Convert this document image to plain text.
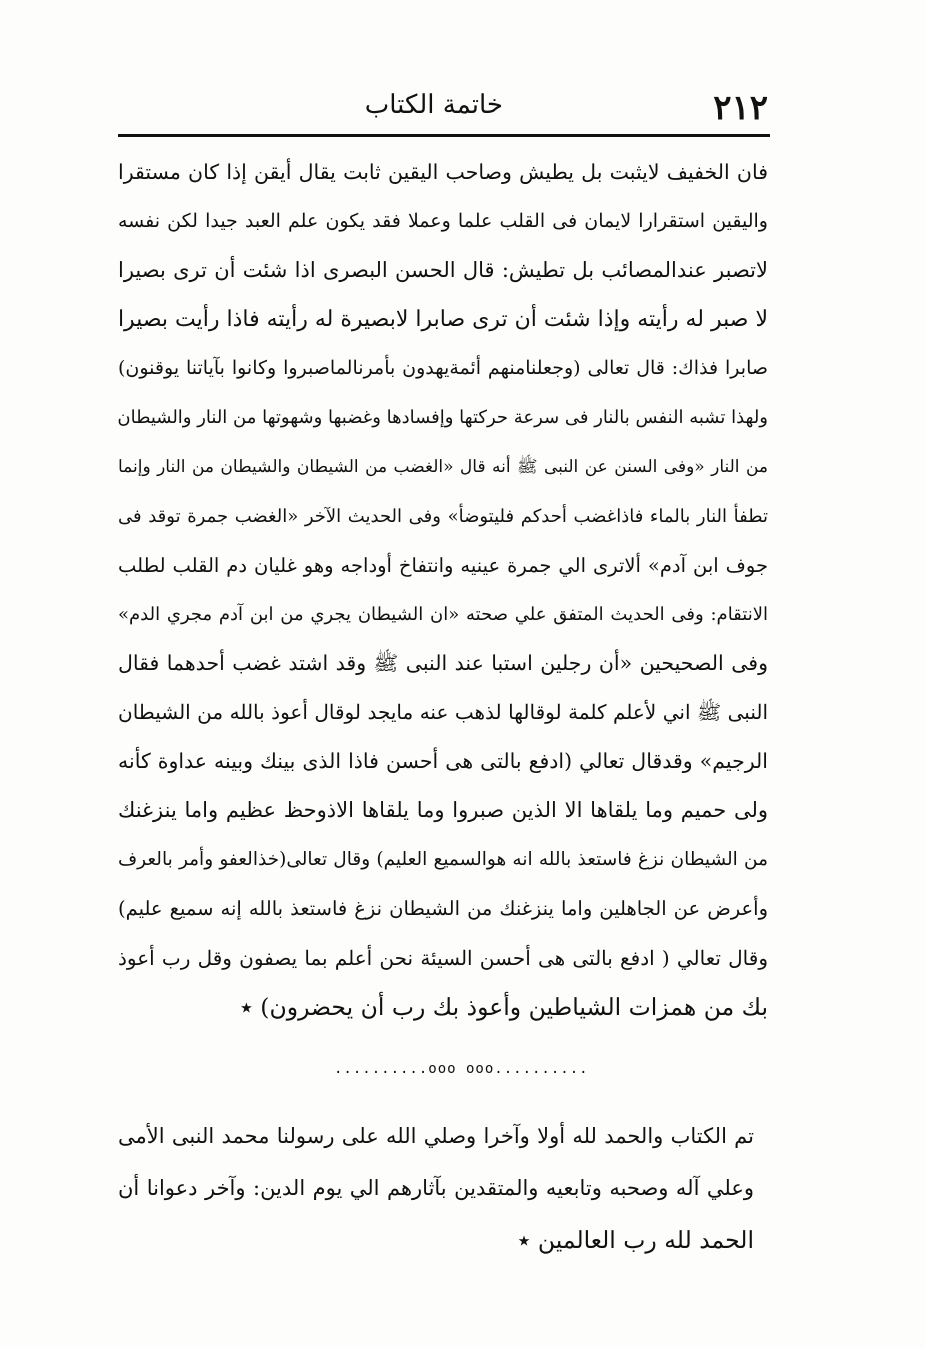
٢١٢
خاتمة الكتاب
فان الخفيف لايثبت بل يطيش وصاحب اليقين ثابت يقال أيقن إذا كان مستقرا
واليقين استقرارا لايمان فى القلب علما وعملا فقد يكون علم العبد جيدا لكن نفسه
لاتصبر عندالمصائب بل تطيش: قال الحسن البصرى اذا شئت أن ترى بصيرا
لا صبر له رأيته وإذا شئت أن ترى صابرا لابصيرة له رأيته فاذا رأيت بصيرا
صابرا فذاك: قال تعالى (وجعلنامنهم أئمةيهدون بأمرنالماصبروا وكانوا بآياتنا يوقنون)
ولهذا تشبه النفس بالنار فى سرعة حركتها وإفسادها وغضبها وشهوتها من النار والشيطان
من النار «وفى السنن عن النبى ﷺ أنه قال «الغضب من الشيطان والشيطان من النار وإنما
تطفأ النار بالماء فاذاغضب أحدكم فليتوضأ» وفى الحديث الآخر «الغضب جمرة توقد فى
جوف ابن آدم» ألاترى الي جمرة عينيه وانتفاخ أوداجه وهو غليان دم القلب لطلب
الانتقام: وفى الحديث المتفق علي صحته «ان الشيطان يجري من ابن آدم مجري الدم»
وفى الصحيحين «أن رجلين استبا عند النبى ﷺ وقد اشتد غضب أحدهما فقال
النبى ﷺ اني لأعلم كلمة لوقالها لذهب عنه مايجد لوقال أعوذ بالله من الشيطان
الرجيم» وقدقال تعالي (ادفع بالتى هى أحسن فاذا الذى بينك وبينه عداوة كأنه
ولى حميم وما يلقاها الا الذين صبروا وما يلقاها الاذوحظ عظيم واما ينزغنك
من الشيطان نزغ فاستعذ بالله انه هوالسميع العليم) وقال تعالى(خذالعفو وأمر بالعرف
وأعرض عن الجاهلين واما ينزغنك من الشيطان نزغ فاستعذ بالله إنه سميع عليم)
وقال تعالي ( ادفع بالتى هى أحسن السيئة نحن أعلم بما يصفون وقل رب أعوذ
بك من همزات الشياطين وأعوذ بك رب أن يحضرون) ٭
..........ooo ooo..........
تم الكتاب والحمد لله أولا وآخرا وصلي الله على رسولنا محمد النبى الأمى
وعلي آله وصحبه وتابعيه والمتقدين بآثارهم الي يوم الدين: وآخر دعوانا أن
الحمد لله رب العالمين ٭
